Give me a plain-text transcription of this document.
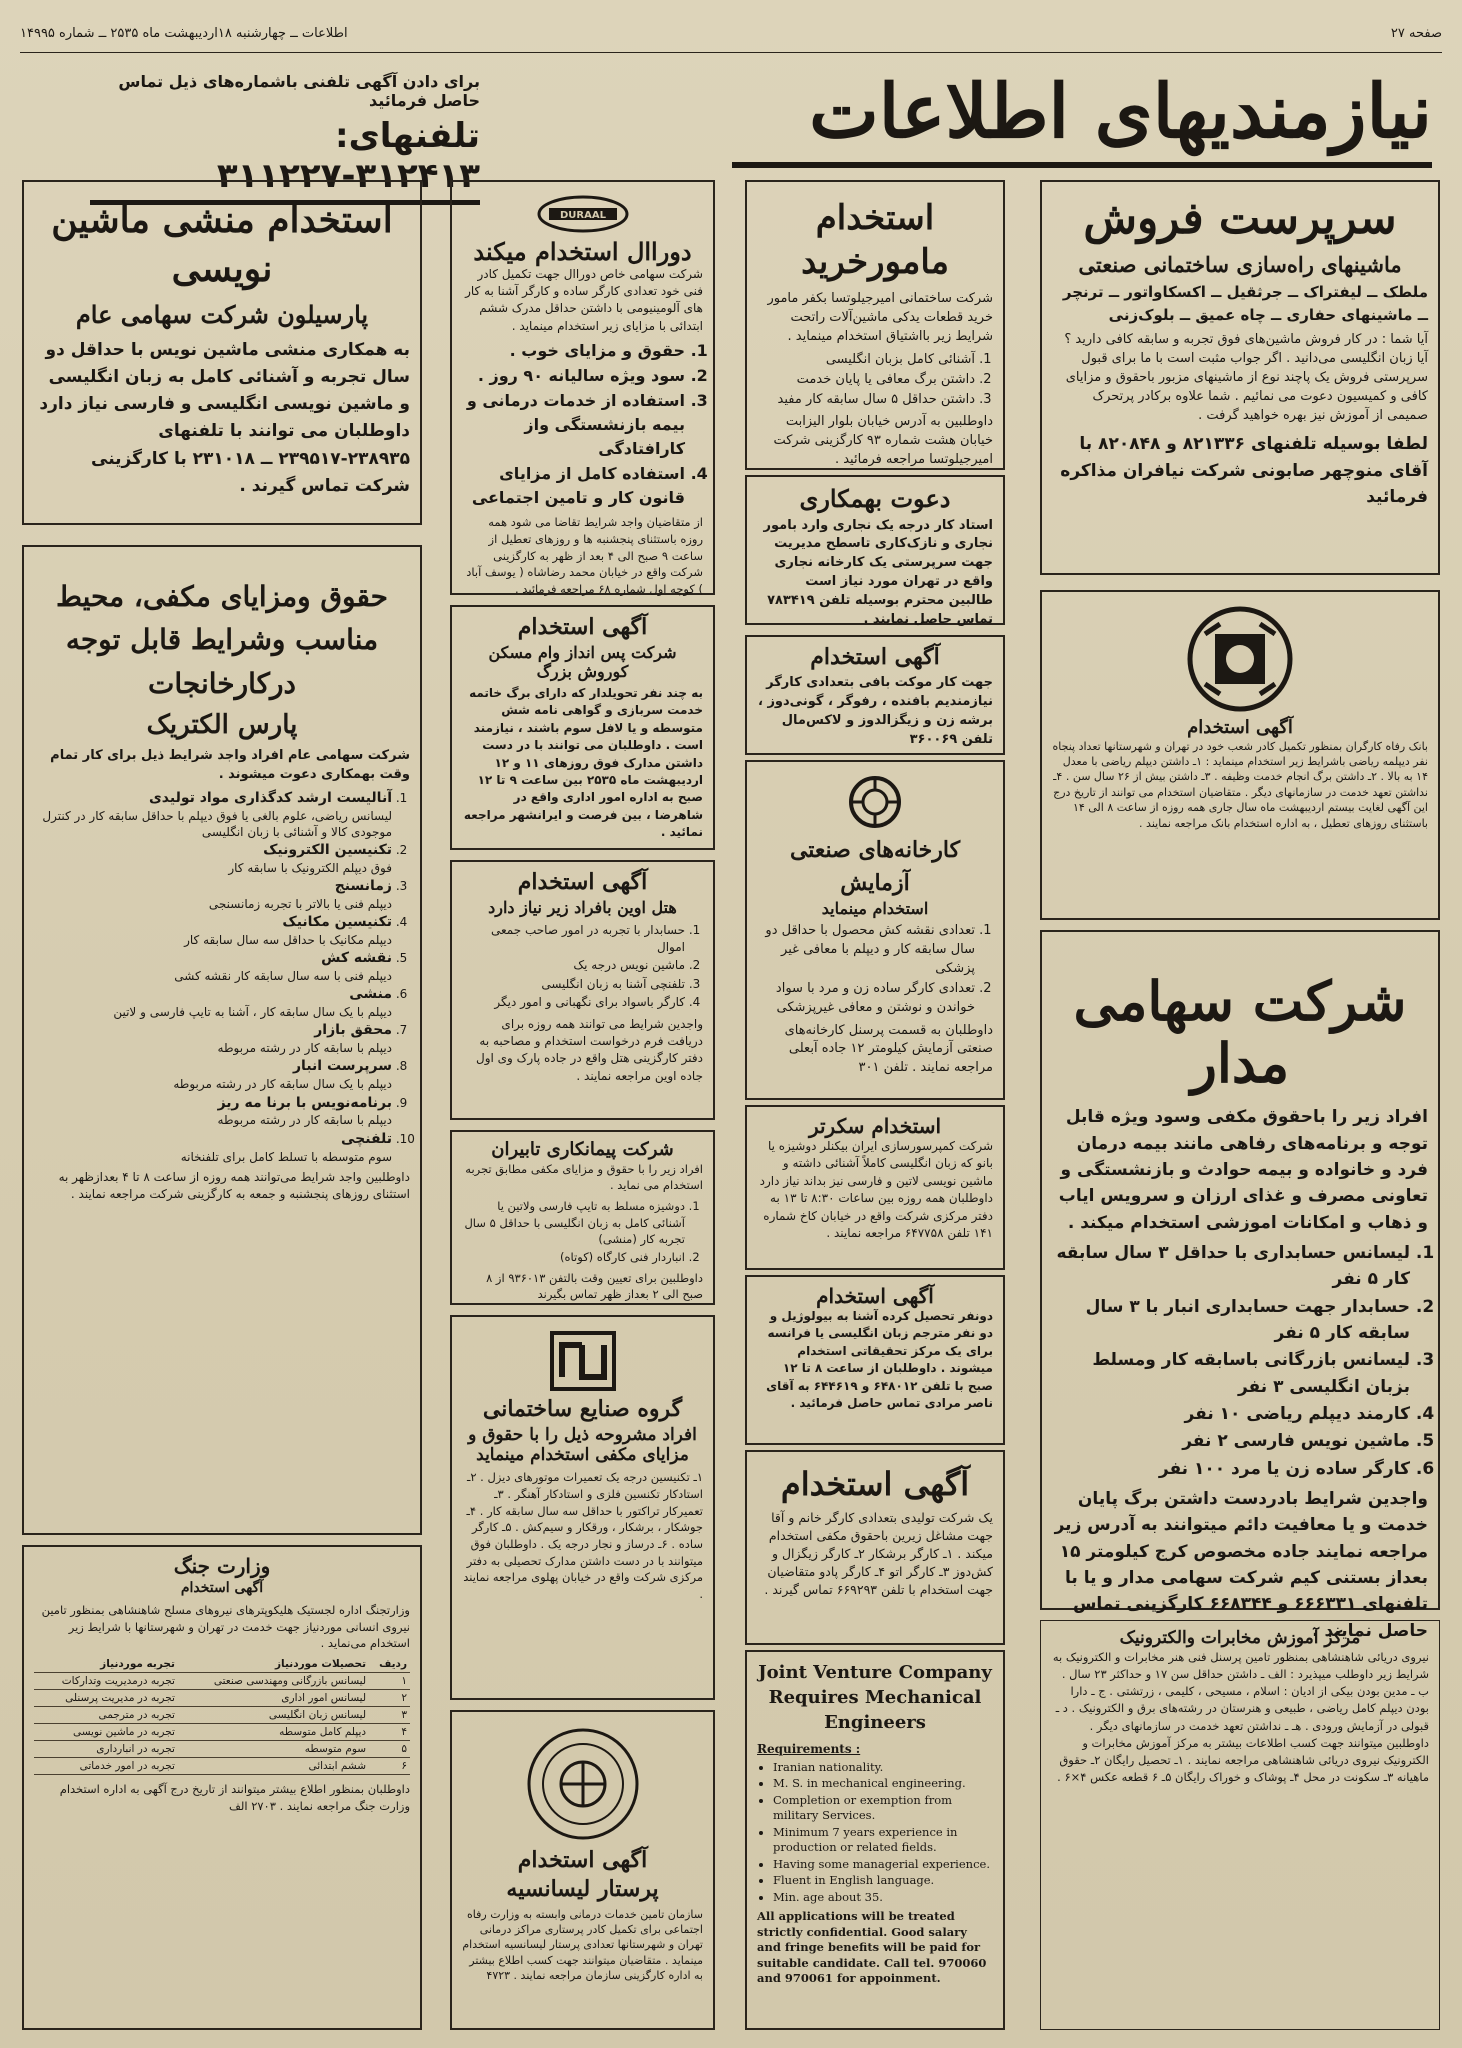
صفحه ۲۷
اطلاعات ــ چهارشنبه ۱۸اردیبهشت ماه ۲۵۳۵ ــ شماره ۱۴۹۹۵
نیازمندیهای اطلاعات
برای دادن آگهی تلفنی باشماره‌های ذیل تماس حاصل فرمائید
تلفنهای: ۳۱۲۴۱۳-۳۱۱۲۲۷
سرپرست فروش
ماشینهای راه‌سازی ساختمانی صنعتی
ملطک ــ لیفتراک ــ جرثقیل ــ اکسکاواتور ــ ترنچر ــ ماشینهای حفاری ــ چاه عمیق ــ بلوک‌زنی
آیا شما : در کار فروش ماشین‌های فوق تجربه و سابقه کافی دارید ؟ آیا زبان انگلیسی می‌دانید . اگر جواب مثبت است با ما برای قبول سرپرستی فروش یک پاچند نوع از ماشینهای مزبور باحقوق و مزایای کافی و کمیسیون دعوت می نمائیم . شما علاوه برکادر پرتحرک صمیمی از آموزش نیز بهره خواهید گرفت .
لطفا بوسیله تلفنهای ۸۲۱۳۳۶ و ۸۲۰۸۴۸ با آقای منوچهر صابونی شرکت نیافران مذاکره فرمائید
آگهی استخدام
بانک رفاه کارگران بمنظور تکمیل کادر شعب خود در تهران و شهرستانها تعداد پنجاه نفر دیپلمه ریاضی باشرایط زیر استخدام مینماید : ۱ـ داشتن دیپلم ریاضی با معدل ۱۴ به بالا . ۲ـ داشتن برگ انجام خدمت وظیفه . ۳ـ داشتن بیش از ۲۶ سال سن . ۴ـ نداشتن تعهد خدمت در سازمانهای دیگر . متقاضیان استخدام می توانند از تاریخ درج این آگهی لغایت بیستم اردیبهشت ماه سال جاری همه روزه از ساعت ۸ الی ۱۴ باستثنای روزهای تعطیل ، به اداره استخدام بانک مراجعه نمایند .
شرکت سهامی مدار
افراد زیر را باحقوق مکفی وسود ویژه قابل توجه و برنامه‌های رفاهی مانند بیمه درمان فرد و خانواده و بیمه حوادث و بازنشستگی و تعاونی مصرف و غذای ارزان و سرویس ایاب و ذهاب و امکانات اموزشی استخدام میکند .
1. لیسانس حسابداری با حداقل ۳ سال سابقه کار ۵ نفر
2. حسابدار جهت حسابداری انبار با ۳ سال سابقه کار ۵ نفر
3. لیسانس بازرگانی باسابقه کار ومسلط بزبان انگلیسی ۳ نفر
4. کارمند دیپلم ریاضی ۱۰ نفر
5. ماشین نویس فارسی ۲ نفر
6. کارگر ساده زن یا مرد ۱۰۰ نفر
واجدین شرایط بادردست داشتن برگ پایان خدمت و یا معافیت دائم میتوانند به آدرس زیر مراجعه نمایند جاده مخصوص کرج کیلومتر ۱۵ بعداز بستنی کیم شرکت سهامی مدار و یا با تلفنهای ۶۶۶۳۳۱ و ۶۶۸۳۴۴ کارگزینی تماس حاصل نمایند .
مرکز آموزش مخابرات والکترونیک
نیروی دریائی شاهنشاهی بمنظور تامین پرسنل فنی هنر مخابرات و الکترونیک به شرایط زیر داوطلب میپذیرد : الف ـ داشتن حداقل سن ۱۷ و حداکثر ۲۳ سال . ب ـ مدین بودن بیکی از ادیان : اسلام ، مسیحی ، کلیمی ، زرتشتی . ج ـ دارا بودن دیپلم کامل ریاضی ، طبیعی و هنرستان در رشته‌های برق و الکترونیک . د ـ قبولی در آزمایش ورودی . هـ ـ نداشتن تعهد خدمت در سازمانهای دیگر . داوطلبین میتوانند جهت کسب اطلاعات بیشتر به مرکز آموزش مخابرات و الکترونیک نیروی دریائی شاهنشاهی مراجعه نمایند . ۱ـ تحصیل رایگان ۲ـ حقوق ماهیانه ۳ـ سکونت در محل ۴ـ پوشاک و خوراک رایگان ۵ـ ۶ قطعه عکس ۴×۶ .
استخدام مامورخرید
شرکت ساختمانی امیرجیلوتسا بکفر مامور خرید قطعات یدکی ماشین‌آلات راتحت شرایط زیر بااشتیاق استخدام مینماید .
1. آشنائی کامل بزبان انگلیسی
2. داشتن برگ معافی یا پایان خدمت
3. داشتن حداقل ۵ سال سابقه کار مفید
داوطلبین به آدرس خیابان بلوار الیزابت خیابان هشت شماره ۹۳ کارگزینی شرکت امیرجیلوتسا مراجعه فرمائید .
دعوت بهمکاری
استاد کار درجه یک نجاری وارد بامور نجاری و نازک‌کاری تاسطح مدیریت جهت سرپرستی یک کارخانه نجاری واقع در تهران مورد نیاز است طالبین محترم بوسیله تلفن ۷۸۳۴۱۹ تماس حاصل نمایند .
آگهی استخدام
جهت کار موکت بافی بتعدادی کارگر نیازمندیم بافنده ، رفوگر ، گونی‌دوز ، برشه زن و زیگزالدوز و لاکس‌مال تلفن ۳۶۰۰۶۹
کارخانه‌های صنعتی آزمایش
استخدام مینماید
1. تعدادی نقشه کش محصول با حداقل دو سال سابقه کار و دیپلم با معافی غیر پزشکی
2. تعدادی کارگر ساده زن و مرد با سواد خواندن و نوشتن و معافی غیرپزشکی
داوطلبان به قسمت پرسنل کارخانه‌های صنعتی آزمایش کیلومتر ۱۲ جاده آبعلی مراجعه نمایند . تلفن ۳۰۱
استخدام سکرتر
شرکت کمپرسورسازی ایران بیکنلر دوشیزه یا بانو که زبان انگلیسی کاملاً آشنائی داشته و ماشین نویسی لاتین و فارسی نیز بداند نیاز دارد داوطلبان همه روزه بین ساعات ۸:۳۰ تا ۱۳ به دفتر مرکزی شرکت واقع در خیابان کاخ شماره ۱۴۱ تلفن ۶۴۷۷۵۸ مراجعه نمایند .
آگهی استخدام
دونفر تحصیل کرده آشنا به بیولوژیل و دو نفر مترجم زبان انگلیسی یا فرانسه برای یک مرکز تحقیقاتی استخدام میشوند . داوطلبان از ساعت ۸ تا ۱۲ صبح با تلفن ۶۴۸۰۱۲ و ۶۴۴۶۱۹ به آقای ناصر مرادی تماس حاصل فرمائید .
آگهی استخدام
یک شرکت تولیدی بتعدادی کارگر خانم و آقا جهت مشاغل زیرین باحقوق مکفی استخدام میکند . ۱ـ کارگر برشکار ۲ـ کارگر زیگزال و کش‌دوز ۳ـ کارگر اتو ۴ـ کارگر پادو متقاضیان جهت استخدام با تلفن ۶۶۹۲۹۳ تماس گیرند .
Joint Venture Company Requires Mechanical Engineers
Requirements :
• Iranian nationality.
• M. S. in mechanical engineering.
• Completion or exemption from military Services.
• Minimum 7 years experience in production or related fields.
• Having some managerial experience.
• Fluent in English language.
• Min. age about 35.
All applications will be treated strictly confidential. Good salary and fringe benefits will be paid for suitable candidate. Call tel. 970060 and 970061 for appoinment.
DURAAL
دوراال استخدام میکند
شرکت سهامی خاص دوراال جهت تکمیل کادر فنی خود تعدادی کارگر ساده و کارگر آشنا به کار های آلومینیومی با داشتن حداقل مدرک ششم ابتدائی با مزایای زیر استخدام مینماید .
1. حقوق و مزایای خوب .
2. سود ویژه سالیانه ۹۰ روز .
3. استفاده از خدمات درمانی و بیمه بازنشستگی واز کارافتادگی
4. استفاده کامل از مزایای قانون کار و تامین اجتماعی
از متقاضیان واجد شرایط تقاضا می شود همه روزه باستثنای پنجشنبه ها و روزهای تعطیل از ساعت ۹ صبح الی ۴ بعد از ظهر به کارگزینی شرکت واقع در خیابان محمد رضاشاه ( یوسف آباد ) کوچه اول شماره ۶۸ مراجعه فرمائید .
آگهی استخدام
شرکت پس انداز وام مسکن کوروش بزرگ
به چند نفر تحویلدار که دارای برگ خاتمه خدمت سربازی و گواهی نامه شش متوسطه و یا لافل سوم باشند ، نیازمند است . داوطلبان می توانند با در دست داشتن مدارک فوق روزهای ۱۱ و ۱۲ اردیبهشت ماه ۲۵۳۵ بین ساعت ۹ تا ۱۲ صبح به اداره امور اداری واقع در شاهرضا ، بین فرصت و ایرانشهر مراجعه نمائید .
آگهی استخدام
هتل اوین بافراد زیر نیاز دارد
1. حسابدار با تجربه در امور صاحب جمعی اموال
2. ماشین نویس درجه یک
3. تلفنچی آشنا به زبان انگلیسی
4. کارگر باسواد برای نگهبانی و امور دیگر
واجدین شرایط می توانند همه روزه برای دریافت فرم درخواست استخدام و مصاحبه به دفتر کارگزینی هتل واقع در جاده پارک وی اول جاده اوین مراجعه نمایند .
شرکت پیمانکاری تابیران
افراد زیر را با حقوق و مزایای مکفی مطابق تجربه استخدام می نماید .
1. دوشیزه مسلط به تایپ فارسی ولاتین یا آشنائی کامل به زبان انگلیسی با حداقل ۵ سال تجربه کار (منشی)
2. انباردار فنی کارگاه (کوتاه)
داوطلبین برای تعیین وقت بالتفن ۹۳۶۰۱۳ از ۸ صبح الی ۲ بعداز ظهر تماس بگیرند
گروه صنایع ساختمانی
افراد مشروحه ذیل را با حقوق و مزایای مکفی استخدام مینماید
۱ـ تکنیسین درجه یک تعمیرات موتورهای دیزل . ۲ـ استادکار تکنسین فلزی و استادکار آهنگر . ۳ـ تعمیرکار تراکتور با حداقل سه سال سابقه کار . ۴ـ جوشکار ، برشکار ، ورقکار و سیم‌کش . ۵ـ کارگر ساده . ۶ـ درساز و نجار درجه یک . داوطلبان فوق میتوانند با در دست داشتن مدارک تحصیلی به دفتر مرکزی شرکت واقع در خیابان پهلوی مراجعه نمایند .
آگهی استخدام
پرستار لیسانسیه
سازمان تامین خدمات درمانی وابسته به وزارت رفاه اجتماعی برای تکمیل کادر پرستاری مراکز درمانی تهران و شهرستانها تعدادی پرستار لیسانسیه استخدام مینماید . متقاضیان میتوانند جهت کسب اطلاع بیشتر به اداره کارگزینی سازمان مراجعه نمایند . ۴۷۲۳
استخدام منشی ماشین نویسی
پارسیلون شرکت سهامی عام
به همکاری منشی ماشین نویس با حداقل دو سال تجربه و آشنائی کامل به زبان انگلیسی و ماشین نویسی انگلیسی و فارسی نیاز دارد داوطلبان می توانند با تلفنهای ۲۳۸۹۳۵-۲۳۹۵۱۷ ــ ۲۳۱۰۱۸ با کارگزینی شرکت تماس گیرند .
حقوق ومزایای مکفی، محیط مناسب وشرایط قابل توجه درکارخانجات
پارس الکتریک
شرکت سهامی عام افراد واجد شرایط ذیل برای کار تمام وقت بهمکاری دعوت میشوند .
1. آنالیست ارشد کدگذاری مواد تولیدی
لیسانس ریاضی، علوم بالغی یا فوق دیپلم با حداقل سابقه کار در کنترل موجودی کالا و آشنائی با زبان انگلیسی
2. تکنیسین الکترونیک
فوق دیپلم الکترونیک با سابقه کار
3. زمانسنج
دیپلم فنی یا بالاتر با تجربه زمانسنجی
4. تکنیسین مکانیک
دیپلم مکانیک با حداقل سه سال سابقه کار
5. نقشه کش
دیپلم فنی با سه سال سابقه کار نقشه کشی
6. منشی
دیپلم با یک سال سابقه کار ، آشنا به تایپ فارسی و لاتین
7. محقق بازار
دیپلم با سابقه کار در رشته مربوطه
8. سرپرست انبار
دیپلم با یک سال سابقه کار در رشته مربوطه
9. برنامه‌نویس با برنا مه ریز
دیپلم با سابقه کار در رشته مربوطه
10. تلفنچی
سوم متوسطه با تسلط کامل برای تلفنخانه
داوطلبین واجد شرایط می‌توانند همه روزه از ساعت ۸ تا ۴ بعدازظهر به استثنای روزهای پنجشنبه و جمعه به کارگزینی شرکت مراجعه نمایند .
وزارت جنگ
آگهی استخدام
وزارتجنگ اداره لجستیک هلیکوپترهای نیروهای مسلح شاهنشاهی بمنظور تامین نیروی انسانی موردنیاز جهت خدمت در تهران و شهرستانها با شرایط زیر استخدام می‌نماید .
ردیف	تحصیلات موردنیاز	تجربه موردنیاز
۱	لیسانس بازرگانی ومهندسی صنعتی	تجربه درمدیریت وتدارکات
۲	لیسانس امور اداری	تجربه در مدیریت پرسنلی
۳	لیسانس زبان انگلیسی	تجربه در مترجمی
۴	دیپلم کامل متوسطه	تجربه در ماشین نویسی
۵	سوم متوسطه	تجربه در انبارداری
۶	ششم ابتدائی	تجربه در امور خدماتی
داوطلبان بمنظور اطلاع بیشتر میتوانند از تاریخ درج آگهی به اداره استخدام وزارت جنگ مراجعه نمایند . ۲۷۰۳ الف
